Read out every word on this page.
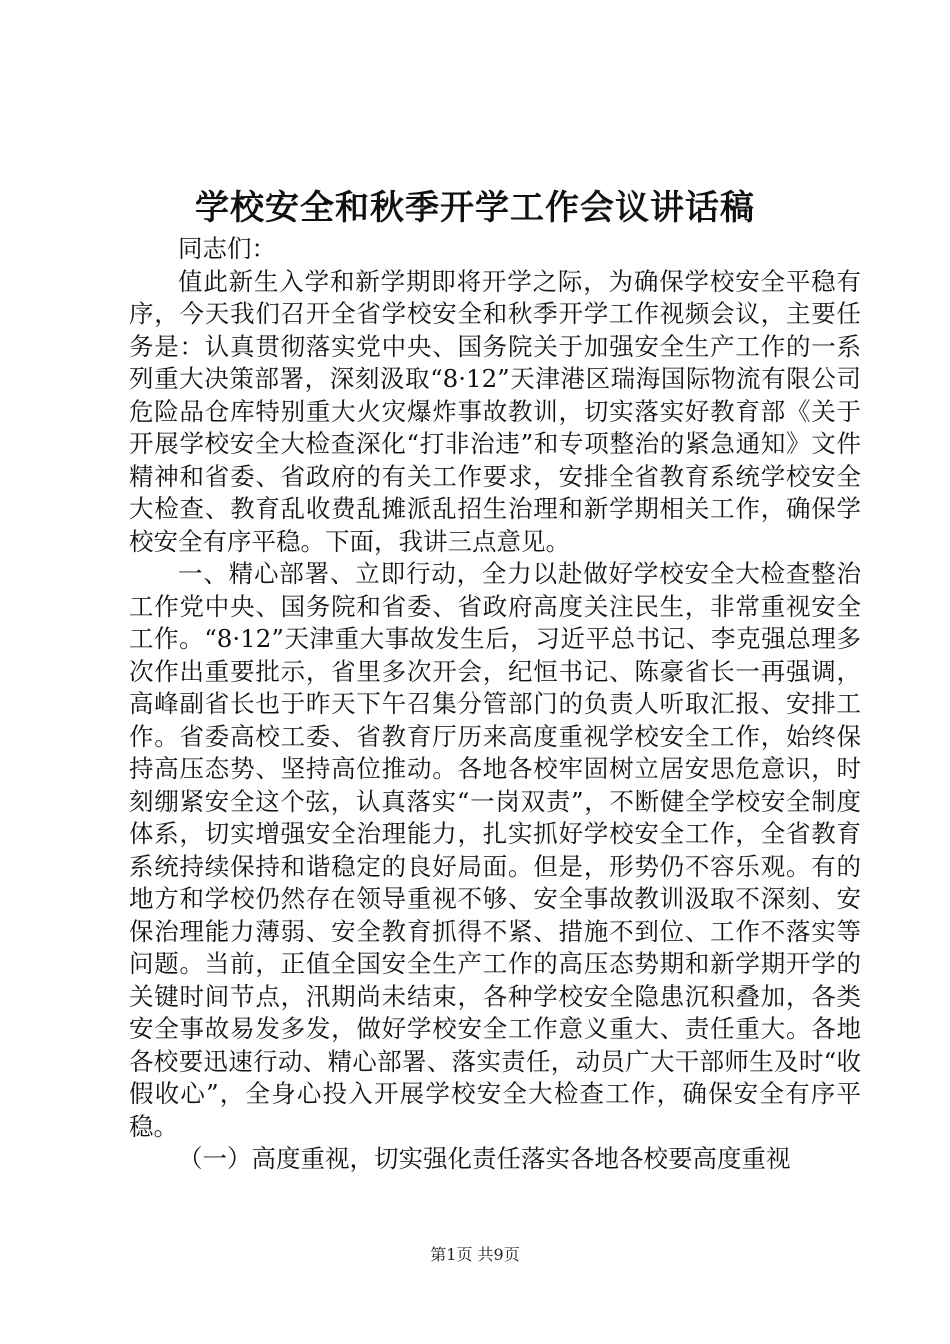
学校安全和秋季开学工作会议讲话稿

同志们：

值此新生入学和新学期即将开学之际，为确保学校安全平稳有序，今天我们召开全省学校安全和秋季开学工作视频会议，主要任务是：认真贯彻落实党中央、国务院关于加强安全生产工作的一系列重大决策部署，深刻汲取“8·12”天津港区瑞海国际物流有限公司危险品仓库特别重大火灾爆炸事故教训，切实落实好教育部《关于开展学校安全大检查深化“打非治违”和专项整治的紧急通知》文件精神和省委、省政府的有关工作要求，安排全省教育系统学校安全大检查、教育乱收费乱摊派乱招生治理和新学期相关工作，确保学校安全有序平稳。下面，我讲三点意见。

一、精心部署、立即行动，全力以赴做好学校安全大检查整治工作党中央、国务院和省委、省政府高度关注民生，非常重视安全工作。“8·12”天津重大事故发生后，习近平总书记、李克强总理多次作出重要批示，省里多次开会，纪恒书记、陈豪省长一再强调，高峰副省长也于昨天下午召集分管部门的负责人听取汇报、安排工作。省委高校工委、省教育厅历来高度重视学校安全工作，始终保持高压态势、坚持高位推动。各地各校牢固树立居安思危意识，时刻绷紧安全这个弦，认真落实“一岗双责”，不断健全学校安全制度体系，切实增强安全治理能力，扎实抓好学校安全工作，全省教育系统持续保持和谐稳定的良好局面。但是，形势仍不容乐观。有的地方和学校仍然存在领导重视不够、安全事故教训汲取不深刻、安保治理能力薄弱、安全教育抓得不紧、措施不到位、工作不落实等问题。当前，正值全国安全生产工作的高压态势期和新学期开学的关键时间节点，汛期尚未结束，各种学校安全隐患沉积叠加，各类安全事故易发多发，做好学校安全工作意义重大、责任重大。各地各校要迅速行动、精心部署、落实责任，动员广大干部师生及时“收假收心”，全身心投入开展学校安全大检查工作，确保安全有序平稳。

（一）高度重视，切实强化责任落实各地各校要高度重视

第1页 共9页
